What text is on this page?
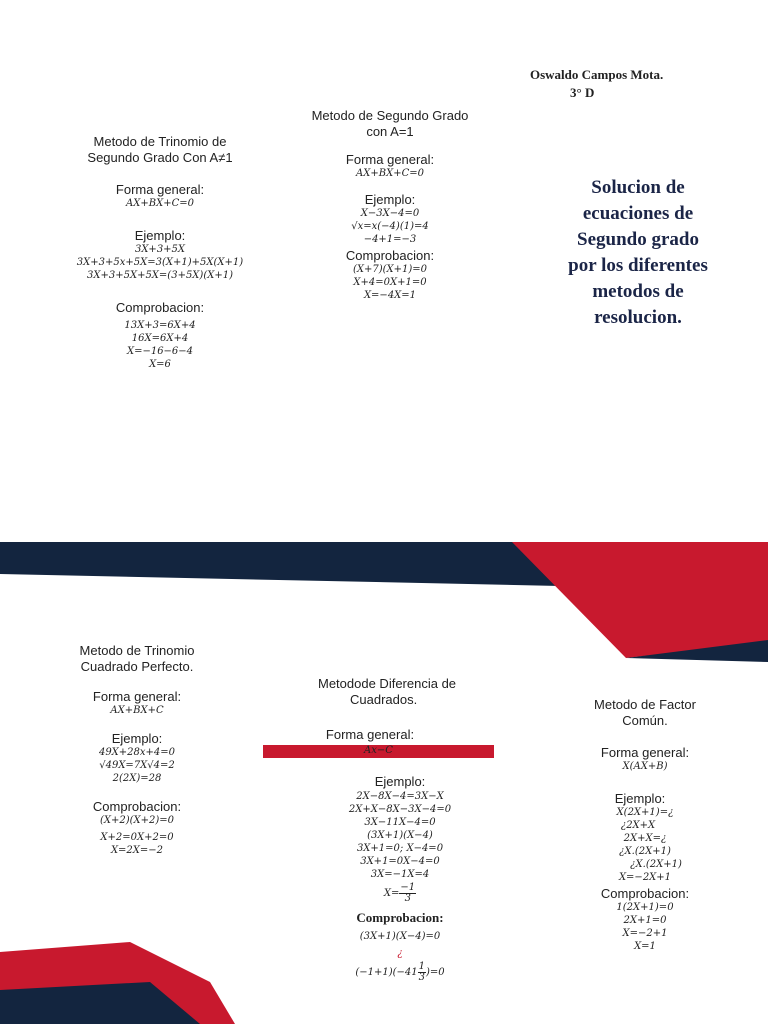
Oswaldo Campos Mota.
3° D
Solucion de
ecuaciones de
Segundo grado
por los diferentes
metodos de
resolucion.
Metodo de Trinomio de
Segundo Grado Con A≠1
Forma general:
AX+BX+C=0
Ejemplo:
3X+3+5X
3X+3+5x+5X=3(X+1)+5X(X+1)
3X+3+5X+5X=(3+5X)(X+1)
Comprobacion:
13X+3=6X+4
16X=6X+4
X=−16−6−4
X=6
Metodo de Segundo Grado
con A=1
Forma general:
AX+BX+C=0
Ejemplo:
X−3X−4=0
√x=x(−4)(1)=4
−4+1=−3
Comprobacion:
(X+7)(X+1)=0
X+4=0X+1=0
X=−4X=1
Metodo de Trinomio
Cuadrado Perfecto.
Forma general:
AX+BX+C
Ejemplo:
49X+28x+4=0
√49X=7X√4=2
2(2X)=28
Comprobacion:
(X+2)(X+2)=0
X+2=0X+2=0
X=2X=−2
Metodode Diferencia de
Cuadrados.
Forma general:
Ax−C
Ejemplo:
2X−8X−4=3X−X
2X+X−8X−3X−4=0
3X−11X−4=0
(3X+1)(X−4)
3X+1=0; X−4=0
3X+1=0X−4=0
3X=−1X=4
$X= \frac{-1}{3}$
Comprobacion:
(3X+1)(X−4)=0
¿
$(-1+1)(-41 \frac{1}{3} )=0$
Metodo de Factor
Común.
Forma general:
X(AX+B)
Ejemplo:
X(2X+1)=¿
¿2X+X
2X+X=¿
¿X.(2X+1)
¿X.(2X+1)
X=−2X+1
Comprobacion:
1(2X+1)=0
2X+1=0
X=−2+1
X=1
